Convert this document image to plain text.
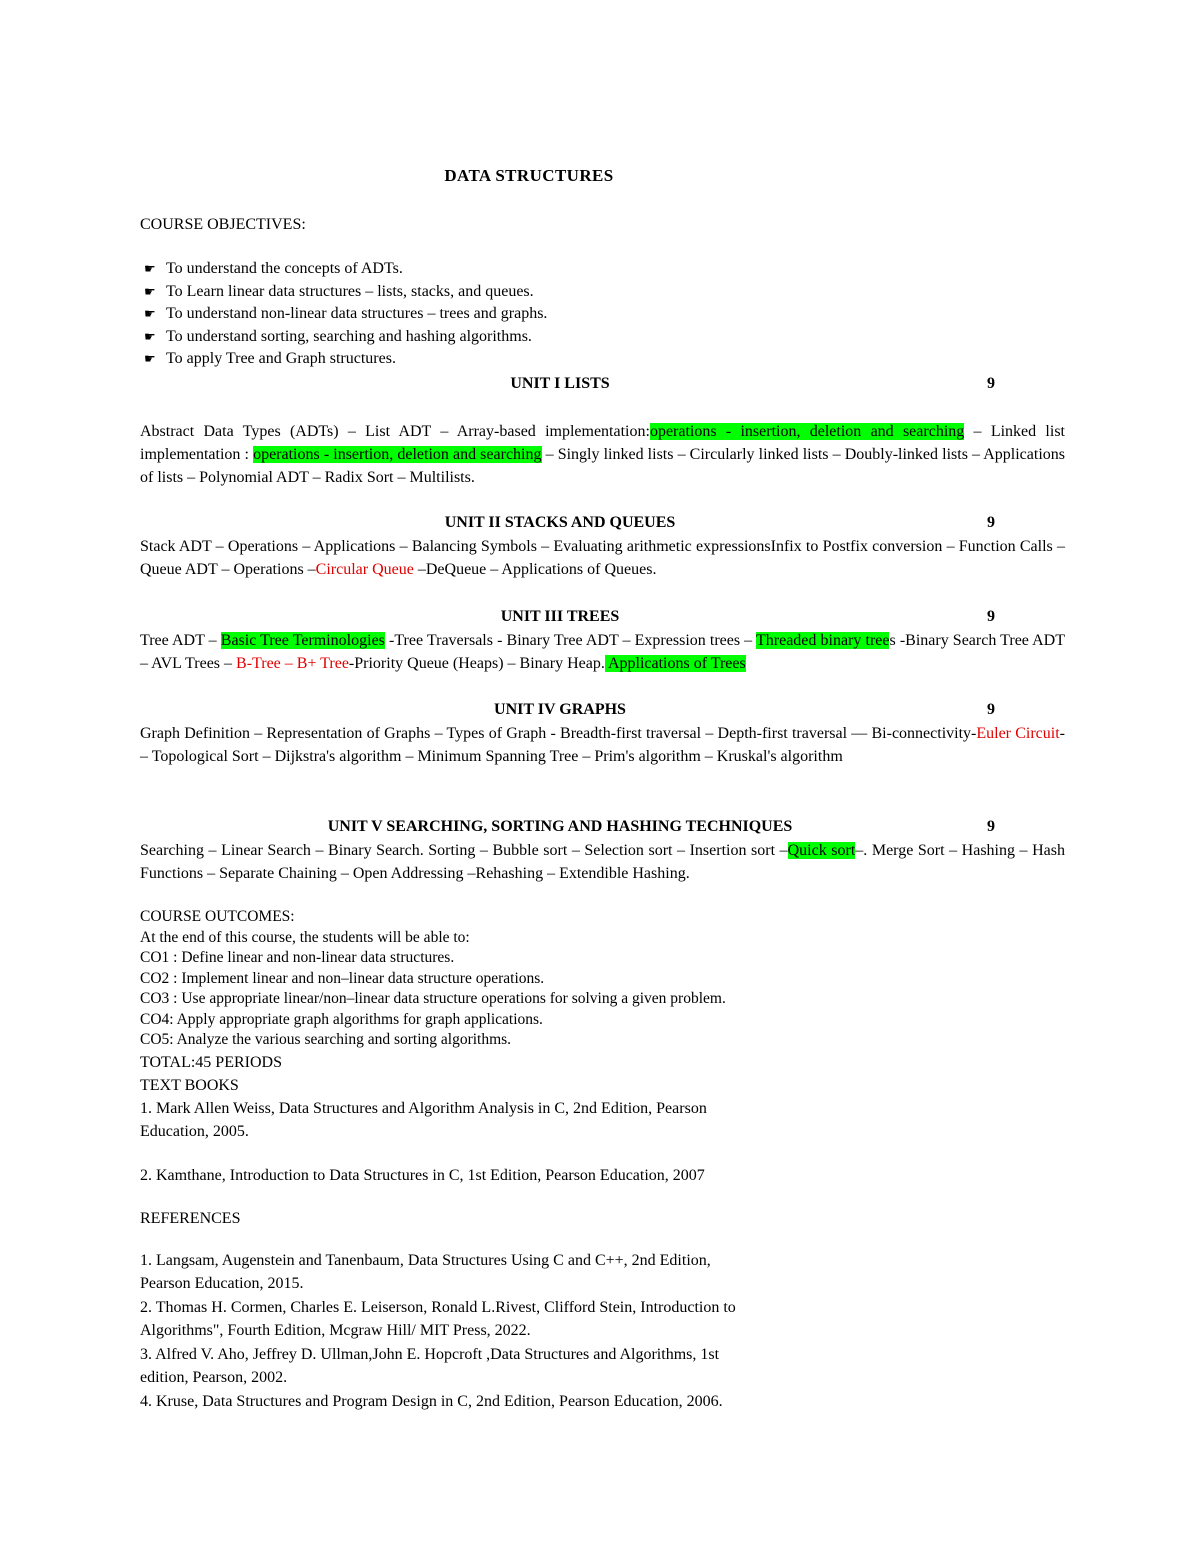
DATA STRUCTURES
COURSE OBJECTIVES:
☛ To understand the concepts of ADTs.
☛ To Learn linear data structures – lists, stacks, and queues.
☛ To understand non-linear data structures – trees and graphs.
☛ To understand sorting, searching and hashing algorithms.
☛ To apply Tree and Graph structures.
UNIT I LISTS	9

Abstract Data Types (ADTs) – List ADT – Array-based implementation:operations - insertion, deletion and searching – Linked list implementation : operations - insertion, deletion and searching – Singly linked lists – Circularly linked lists – Doubly-linked lists – Applications of lists – Polynomial ADT – Radix Sort – Multilists.

UNIT II STACKS AND QUEUES	9

Stack ADT – Operations – Applications – Balancing Symbols – Evaluating arithmetic expressionsInfix to Postfix conversion – Function Calls – Queue ADT – Operations –Circular Queue –DeQueue – Applications of Queues.

UNIT III TREES	9

Tree ADT – Basic Tree Terminologies -Tree Traversals - Binary Tree ADT – Expression trees – Threaded binary trees -Binary Search Tree ADT – AVL Trees – B-Tree – B+ Tree-Priority Queue (Heaps) – Binary Heap. Applications of Trees

UNIT IV GRAPHS	9

Graph Definition – Representation of Graphs – Types of Graph - Breadth-first traversal – Depth-first traversal — Bi-connectivity-Euler Circuit- – Topological Sort – Dijkstra's algorithm – Minimum Spanning Tree – Prim's algorithm – Kruskal's algorithm

UNIT V SEARCHING, SORTING AND HASHING TECHNIQUES	9

Searching – Linear Search – Binary Search. Sorting – Bubble sort – Selection sort – Insertion sort –Quick sort–. Merge Sort – Hashing – Hash Functions – Separate Chaining – Open Addressing –Rehashing – Extendible Hashing.

COURSE OUTCOMES:
At the end of this course, the students will be able to:
CO1 : Define linear and non-linear data structures.
CO2 : Implement linear and non–linear data structure operations.
CO3 : Use appropriate linear/non–linear data structure operations for solving a given problem.
CO4: Apply appropriate graph algorithms for graph applications.
CO5: Analyze the various searching and sorting algorithms.
TOTAL:45 PERIODS
TEXT BOOKS
1. Mark Allen Weiss, Data Structures and Algorithm Analysis in C, 2nd Edition, Pearson
Education, 2005.
2. Kamthane, Introduction to Data Structures in C, 1st Edition, Pearson Education, 2007
REFERENCES
1. Langsam, Augenstein and Tanenbaum, Data Structures Using C and C++, 2nd Edition,
Pearson Education, 2015.
2. Thomas H. Cormen, Charles E. Leiserson, Ronald L.Rivest, Clifford Stein, Introduction to
Algorithms", Fourth Edition, Mcgraw Hill/ MIT Press, 2022.
3. Alfred V. Aho, Jeffrey D. Ullman,John E. Hopcroft ,Data Structures and Algorithms, 1st
edition, Pearson, 2002.
4. Kruse, Data Structures and Program Design in C, 2nd Edition, Pearson Education, 2006.
